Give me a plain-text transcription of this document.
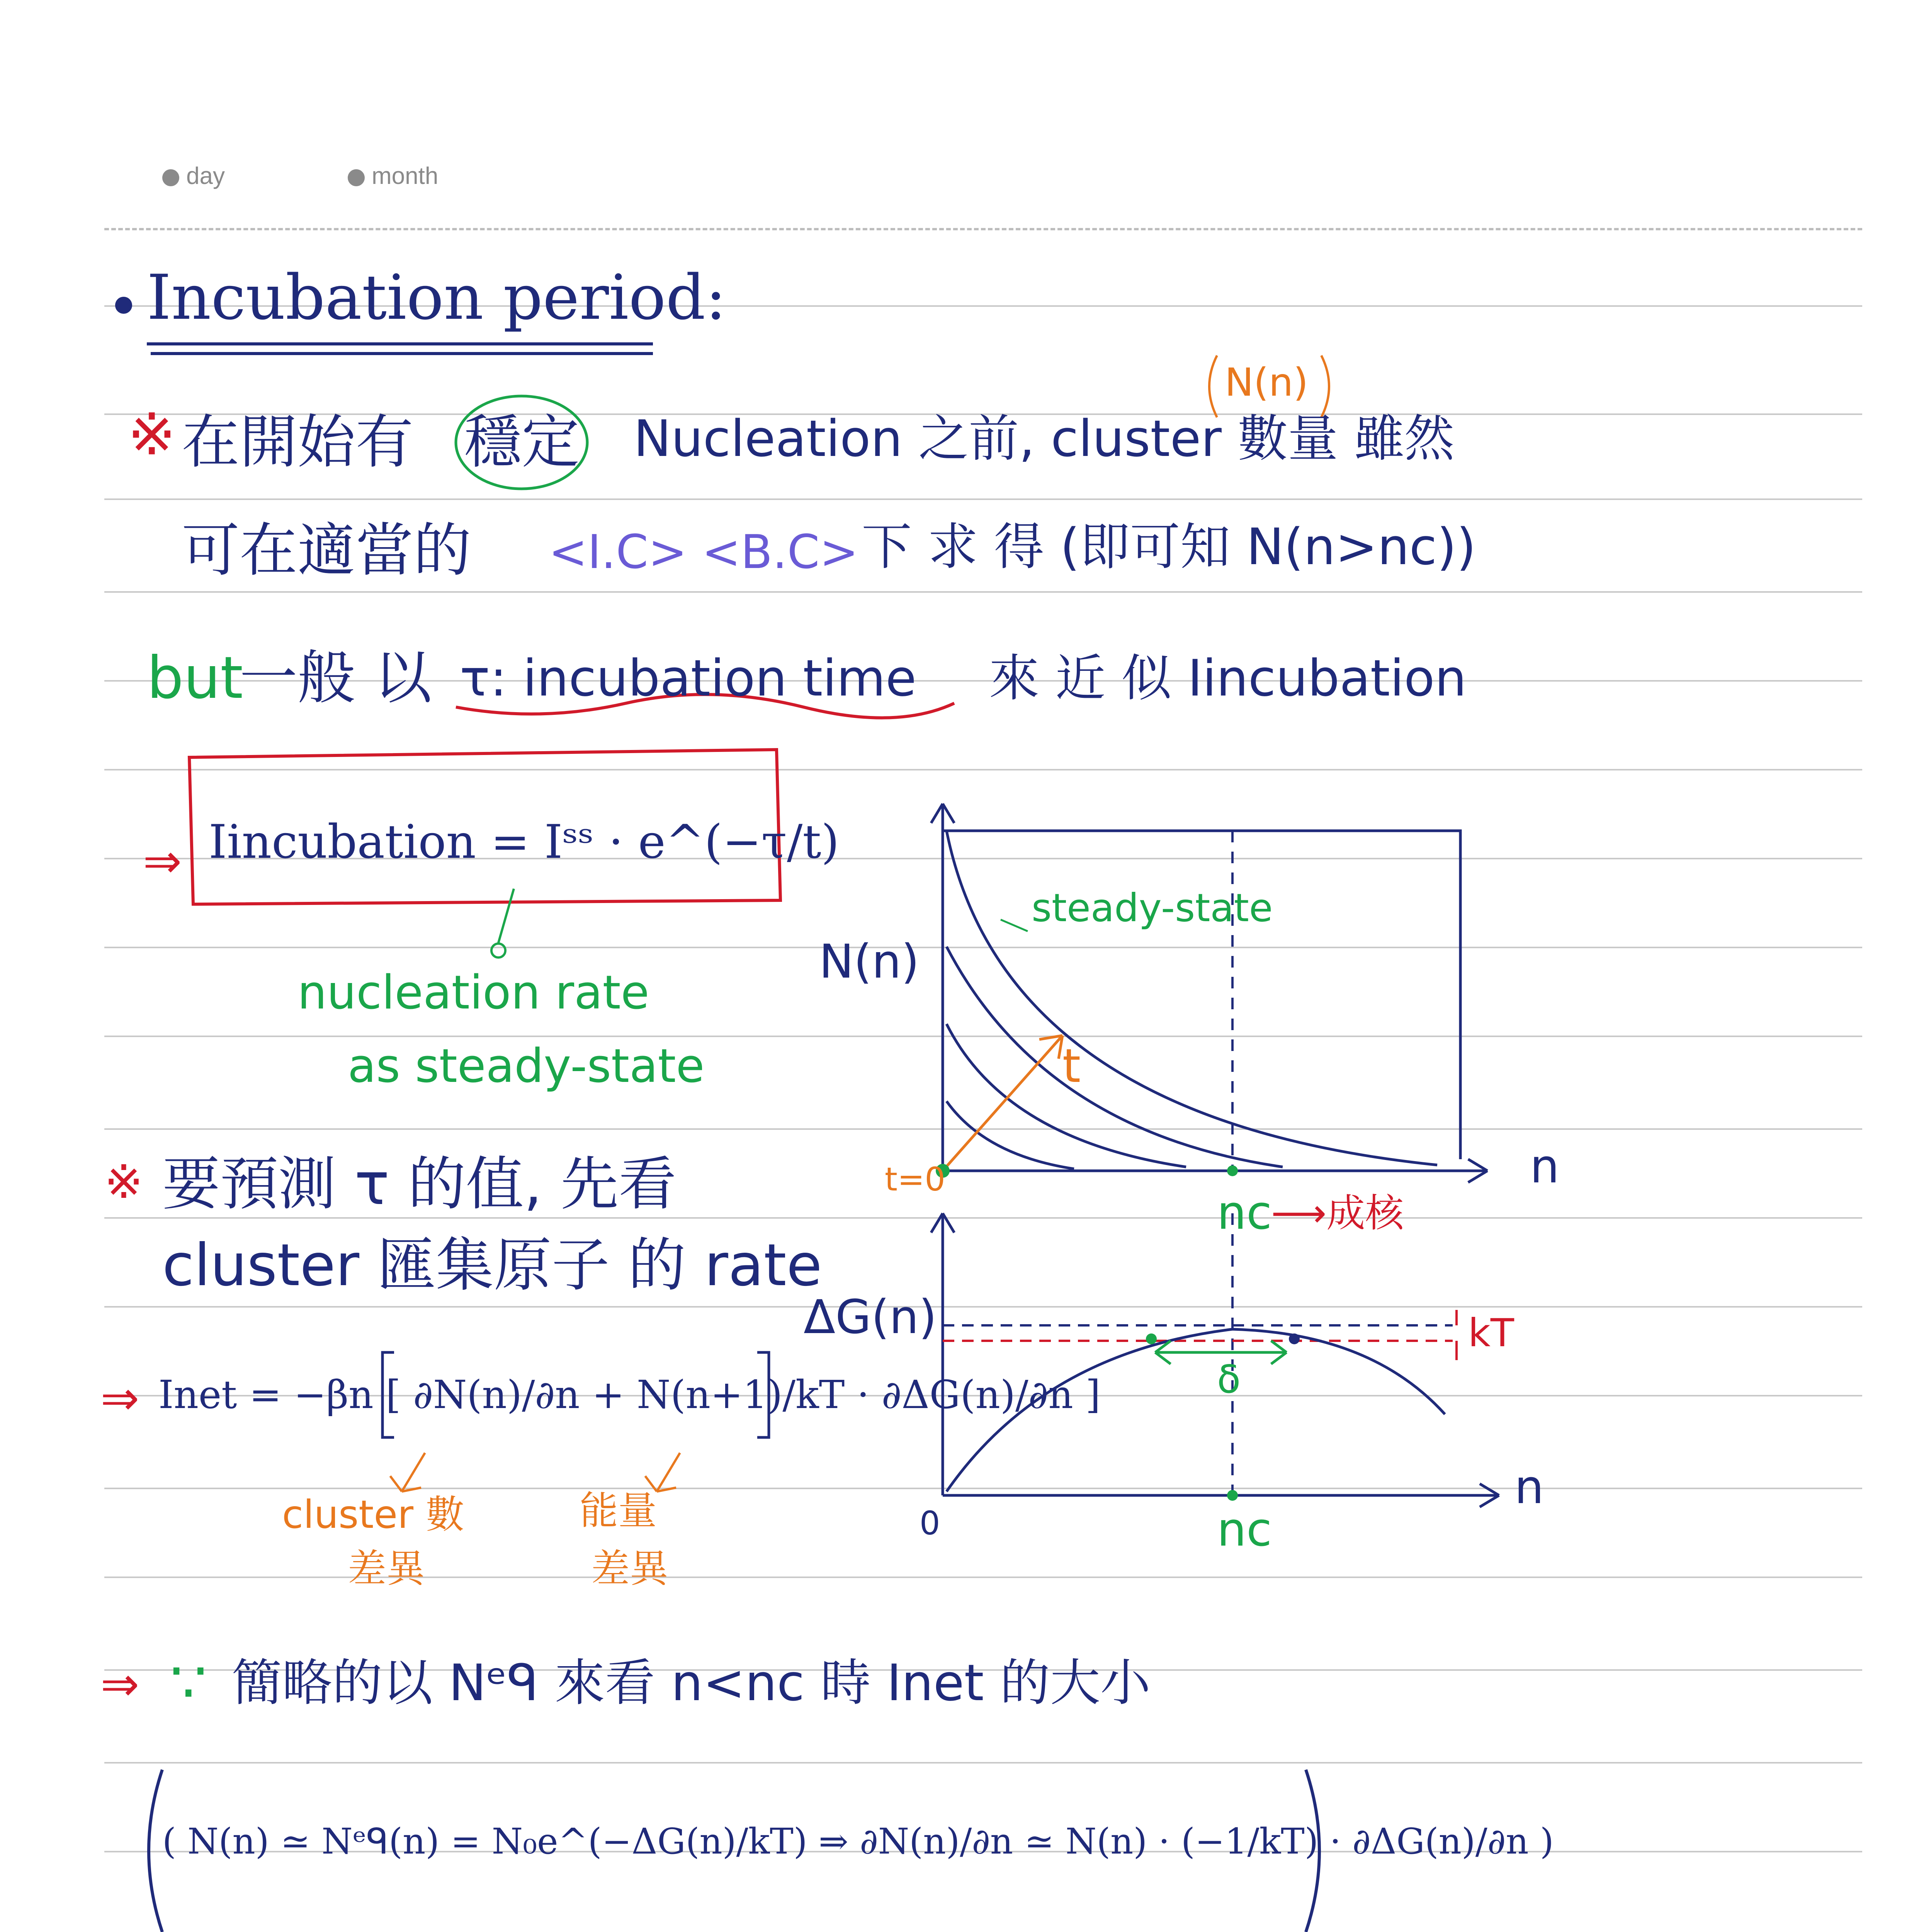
day	month
Incubation period:
※ 在開始有 穩定 Nucleation 之前, cluster 數量 雖然
N(n)
可在適當的 <I.C> <B.C> 下 求 得 (即可知 N(n>nc))
but
一般 以 τ: incubation time 來 近 似 Iincubation
⇒ Iincubation = Iˢˢ · e^(−τ/t)
nucleation rate
as steady-state
※ 要預測 τ 的值, 先看
cluster 匯集原子 的 rate
⇒ Inet = −βn [ ∂N(n)/∂n + N(n+1)/kT · ∂ΔG(n)/∂n ]
cluster 數
差異
能量
差異
⇒ ∵ 簡略的以 Nᵉᑫ 來看 n<nc 時 Inet 的大小
( N(n) ≃ Nᵉᑫ(n) = N₀e^(−ΔG(n)/kT) ⇒ ∂N(n)/∂n ≃ N(n) · (−1/kT) · ∂ΔG(n)/∂n )
N(n)
n
steady-state
t
t=0
nc
⟶成核
ΔG(n)
n
0	nc
kT
δ
